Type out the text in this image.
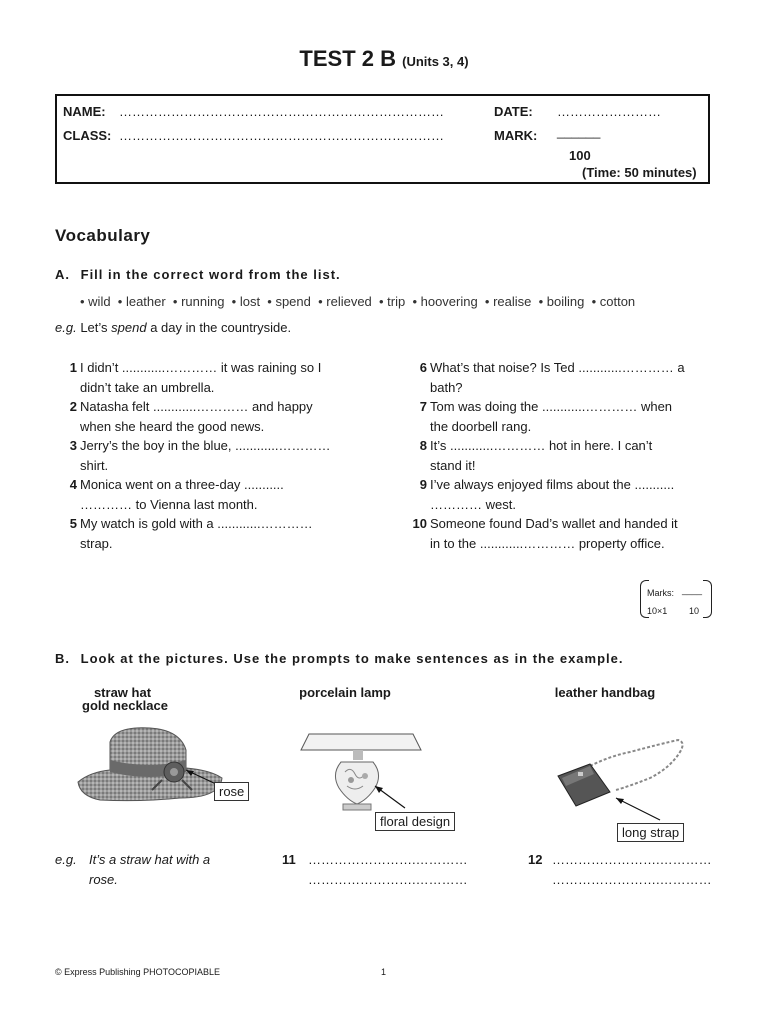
TEST 2 B (Units 3, 4)
NAME: …………………………………………………………………	DATE: ……………………
CLASS: …………………………………………………………………	MARK: ______
100
(Time: 50 minutes)
Vocabulary
A. Fill in the correct word from the list.
• wild  • leather  • running  • lost  • spend  • relieved  • trip  • hoovering  • realise  • boiling  • cotton
e.g. Let’s spend a day in the countryside.
1 I didn’t ............………… it was raining so I
didn’t take an umbrella.
2 Natasha felt ............………… and happy
when she heard the good news.
3 Jerry’s the boy in the blue, ............…………
shirt.
4 Monica went on a three-day ...........
………… to Vienna last month.
5 My watch is gold with a ............…………
strap.
6 What’s that noise? Is Ted ............………… a
bath?
7 Tom was doing the ............………… when
the doorbell rang.
8 It’s ............………… hot in here. I can’t
stand it!
9 I’ve always enjoyed films about the ...........
………… west.
10 Someone found Dad’s wallet and handed it
in to the ............………… property office.
Marks: ____
10×1 10
B. Look at the pictures. Use the prompts to make sentences as in the example.
straw hat	porcelain lamp	leather handbag
gold necklace
rose
floral design
long strap
e.g. It’s a straw hat with a
rose.
11 …………………….…………
…………………….…………
12 …………………….…………
…………………….…………
© Express Publishing PHOTOCOPIABLE	1
